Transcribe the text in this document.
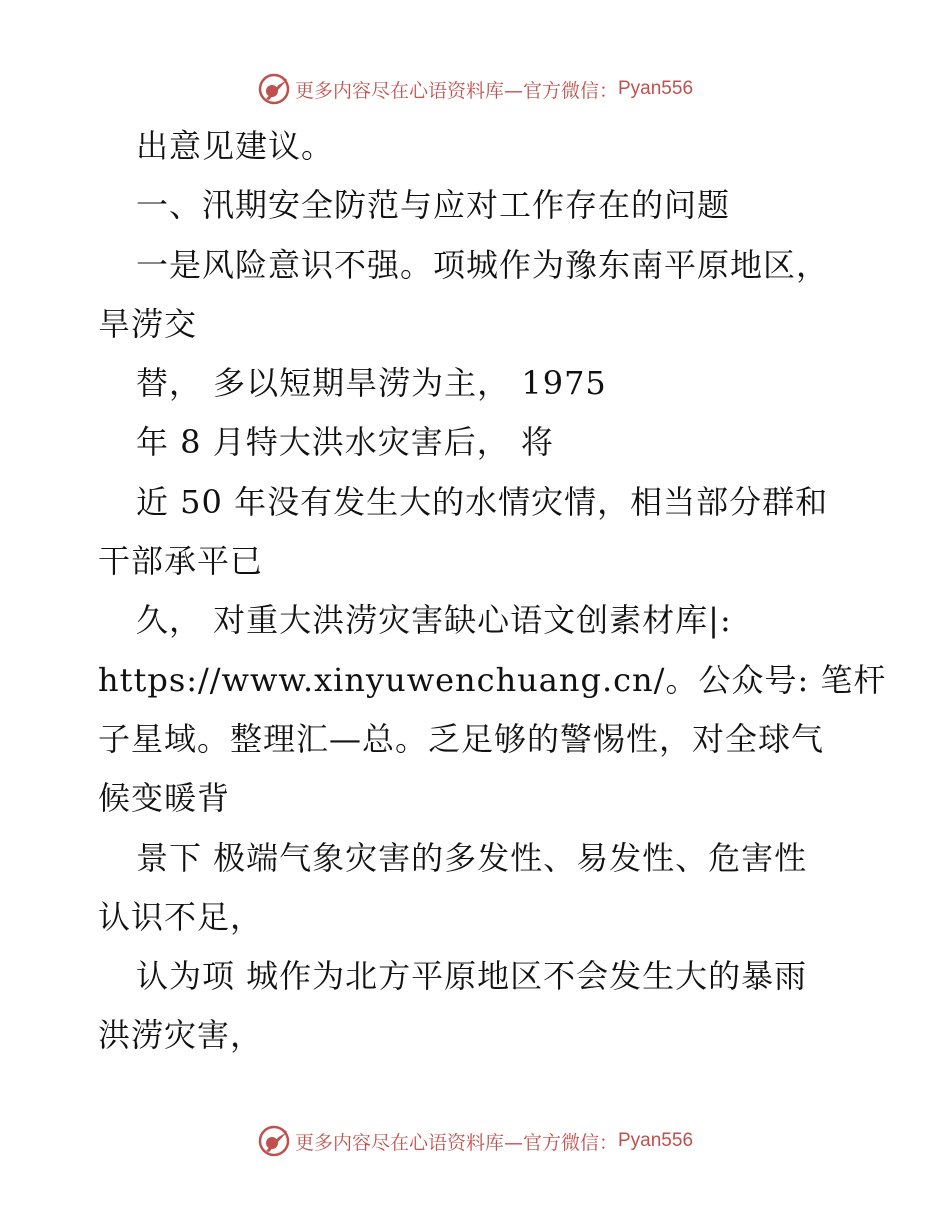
更多内容尽在心语资料库—官方微信： Pyan556
出意见建议。
一、汛期安全防范与应对工作存在的问题
一是风险意识不强。项城作为豫东南平原地区，
旱涝交
替， 多以短期旱涝为主， 1975
年 8 月特大洪水灾害后， 将
近 50 年没有发生大的水情灾情，相当部分群和
干部承平已
久， 对重大洪涝灾害缺心语文创素材库|:
https://www.xinyuwenchuang.cn/。公众号: 笔杆
子星域。整理汇—总。乏足够的警惕性，对全球气
候变暖背
景下 极端气象灾害的多发性、易发性、危害性
认识不足，
认为项 城作为北方平原地区不会发生大的暴雨
洪涝灾害，
更多内容尽在心语资料库—官方微信： Pyan556
